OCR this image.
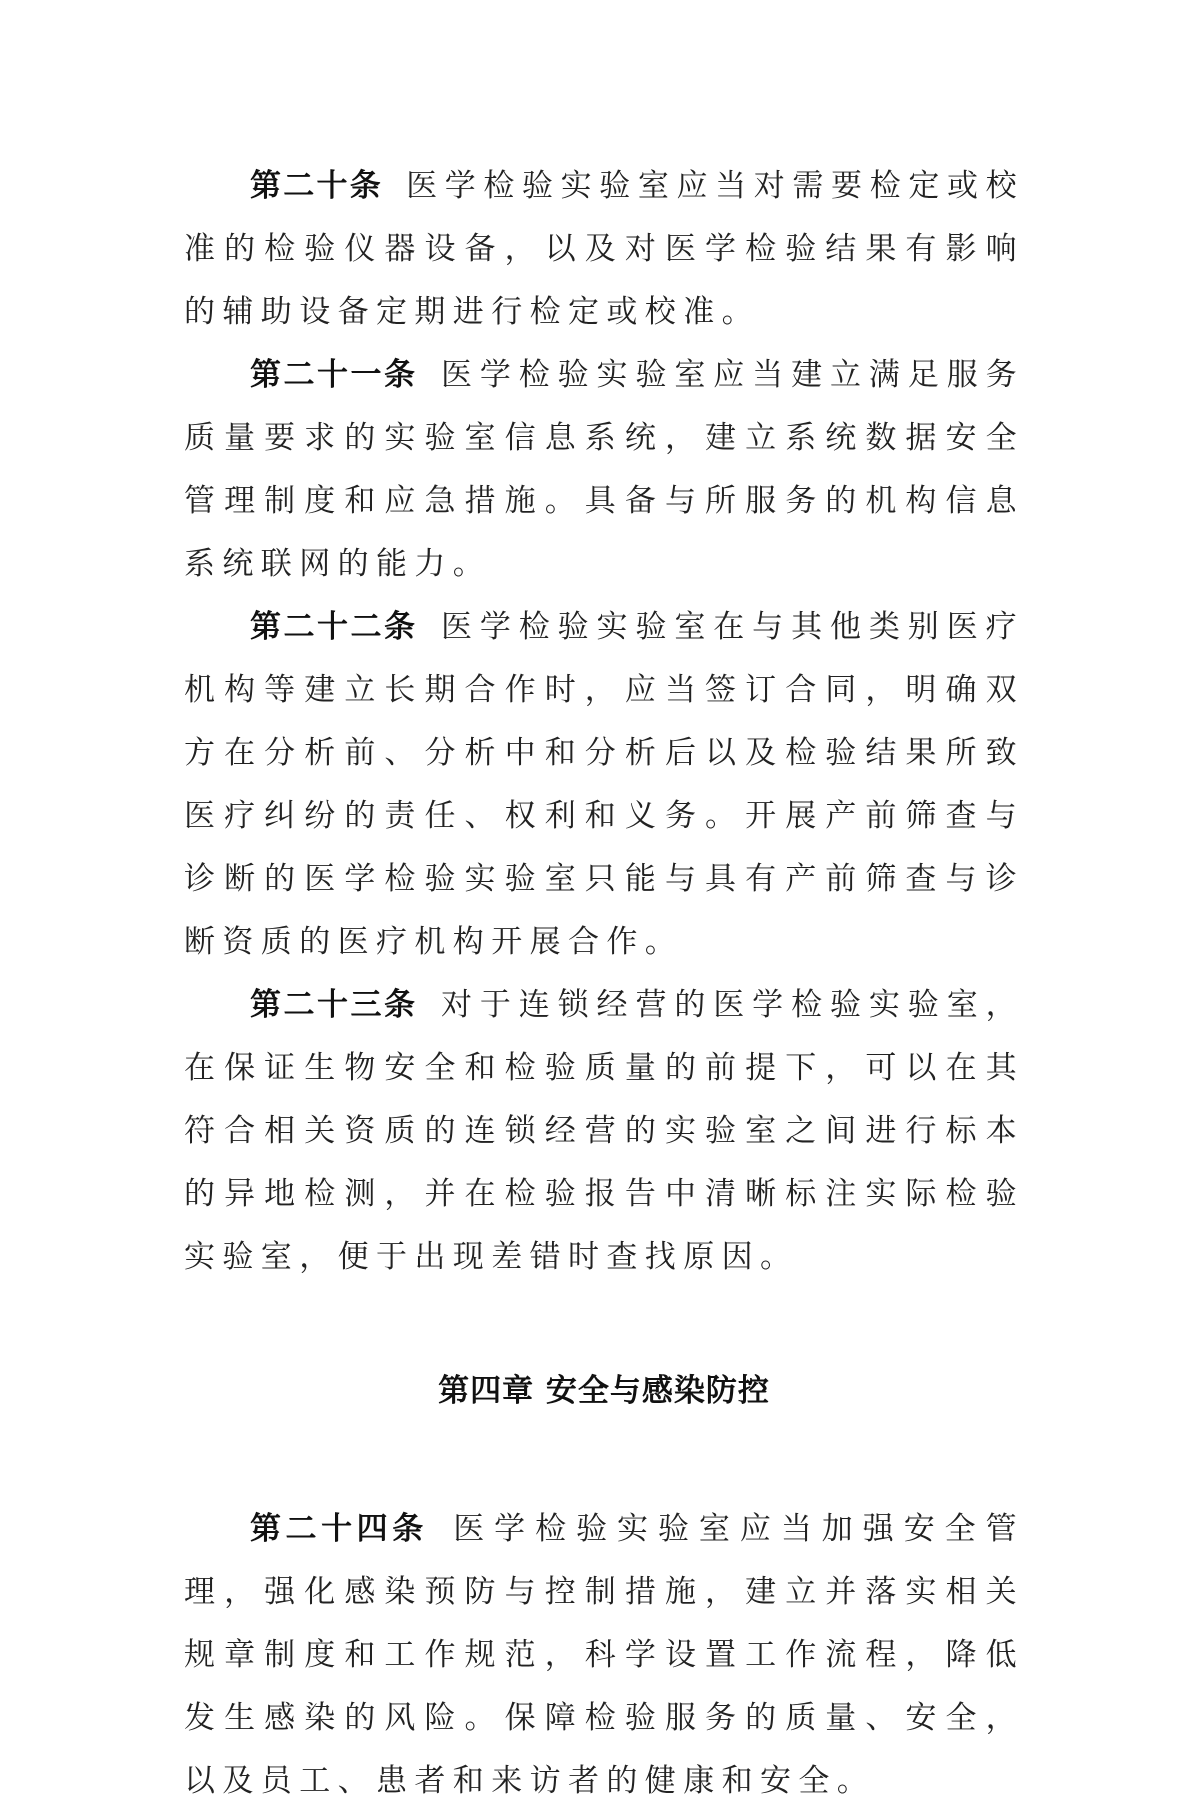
第二十条  医学检验实验室应当对需要检定或校准的检验仪器设备，以及对医学检验结果有影响的辅助设备定期进行检定或校准。

第二十一条  医学检验实验室应当建立满足服务质量要求的实验室信息系统，建立系统数据安全管理制度和应急措施。具备与所服务的机构信息系统联网的能力。

第二十二条  医学检验实验室在与其他类别医疗机构等建立长期合作时，应当签订合同，明确双方在分析前、分析中和分析后以及检验结果所致医疗纠纷的责任、权利和义务。开展产前筛查与诊断的医学检验实验室只能与具有产前筛查与诊断资质的医疗机构开展合作。

第二十三条  对于连锁经营的医学检验实验室，在保证生物安全和检验质量的前提下，可以在其符合相关资质的连锁经营的实验室之间进行标本的异地检测，并在检验报告中清晰标注实际检验实验室，便于出现差错时查找原因。

第四章 安全与感染防控

第二十四条  医学检验实验室应当加强安全管理，强化感染预防与控制措施，建立并落实相关规章制度和工作规范，科学设置工作流程，降低发生感染的风险。保障检验服务的质量、安全，以及员工、患者和来访者的健康和安全。
